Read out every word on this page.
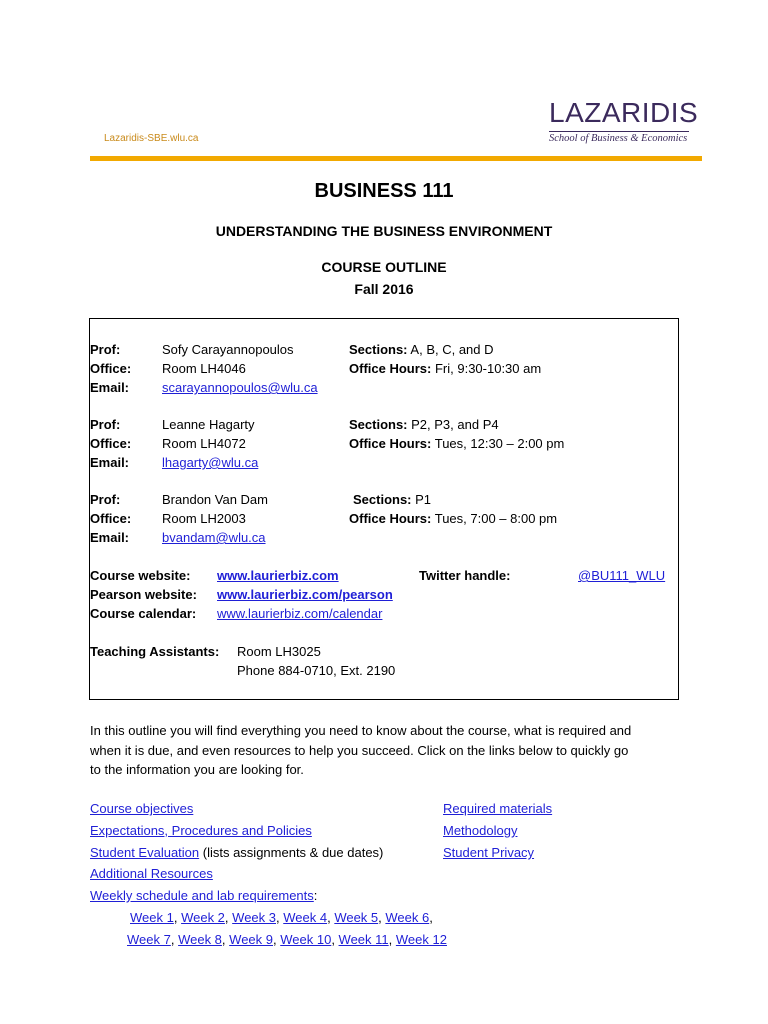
Lazaridis-SBE.wlu.ca
LAZARIDIS
School of Business & Economics
BUSINESS 111
UNDERSTANDING THE BUSINESS ENVIRONMENT
COURSE OUTLINE
Fall 2016
Prof:	Sofy Carayannopoulos	Sections: A, B, C, and D
Office: Room LH4046	Office Hours: Fri, 9:30-10:30 am
Email:	scarayannopoulos@wlu.ca
Prof:	Leanne Hagarty	Sections: P2, P3, and P4
Office: Room LH4072	Office Hours: Tues, 12:30 – 2:00 pm
Email:	lhagarty@wlu.ca
Prof:	Brandon Van Dam	Sections: P1
Office: Room LH2003	Office Hours: Tues, 7:00 – 8:00 pm
Email:	bvandam@wlu.ca
Course website: www.laurierbiz.com	Twitter handle:	@BU111_WLU
Pearson website: www.laurierbiz.com/pearson
Course calendar: www.laurierbiz.com/calendar
Teaching Assistants: Room LH3025
Phone 884-0710, Ext. 2190
In this outline you will find everything you need to know about the course, what is required and
when it is due, and even resources to help you succeed. Click on the links below to quickly go
to the information you are looking for.
Course objectives
Expectations, Procedures and Policies
Student Evaluation (lists assignments & due dates)
Additional Resources
Weekly schedule and lab requirements:
Required materials
Methodology
Student Privacy
Week 1, Week 2, Week 3, Week 4, Week 5, Week 6,
Week 7, Week 8, Week 9, Week 10, Week 11, Week 12
